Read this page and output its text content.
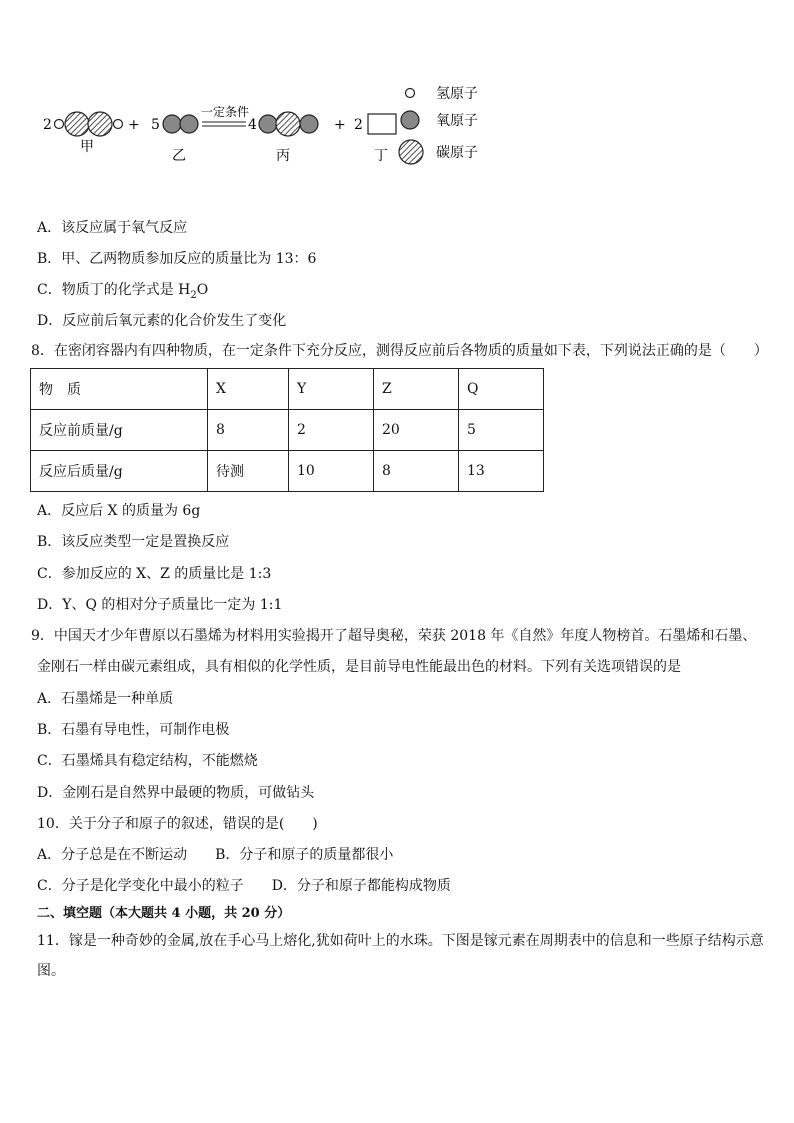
2	+
甲
5
乙
一定条件
4
丙
+ 2
丁
氢原子
氧原子
碳原子
A．该反应属于氧气反应
B．甲、乙两物质参加反应的质量比为 13：6
C．物质丁的化学式是 $H_2O$
D．反应前后氧元素的化合价发生了变化
8．在密闭容器内有四种物质，在一定条件下充分反应，测得反应前后各物质的质量如下表，下列说法正确的是（　　）
物　质	X	Y	Z	Q
反应前质量/g	8	2	20	5
反应后质量/g	待测	10	8	13
A．反应后 X 的质量为 6g
B．该反应类型一定是置换反应
C．参加反应的 X、Z 的质量比是 1:3
D．Y、Q 的相对分子质量比一定为 1:1
9．中国天才少年曹原以石墨烯为材料用实验揭开了超导奥秘，荣获 2018 年《自然》年度人物榜首。石墨烯和石墨、
金刚石一样由碳元素组成，具有相似的化学性质，是目前导电性能最出色的材料。下列有关选项错误的是
A．石墨烯是一种单质
B．石墨有导电性，可制作电极
C．石墨烯具有稳定结构，不能燃烧
D．金刚石是自然界中最硬的物质，可做钻头
10．关于分子和原子的叙述，错误的是(　　)
A．分子总是在不断运动　　B．分子和原子的质量都很小
C．分子是化学变化中最小的粒子　　D．分子和原子都能构成物质
二、填空题（本大题共 4 小题，共 20 分）
11．镓是一种奇妙的金属,放在手心马上熔化,犹如荷叶上的水珠。下图是镓元素在周期表中的信息和一些原子结构示意
图。
